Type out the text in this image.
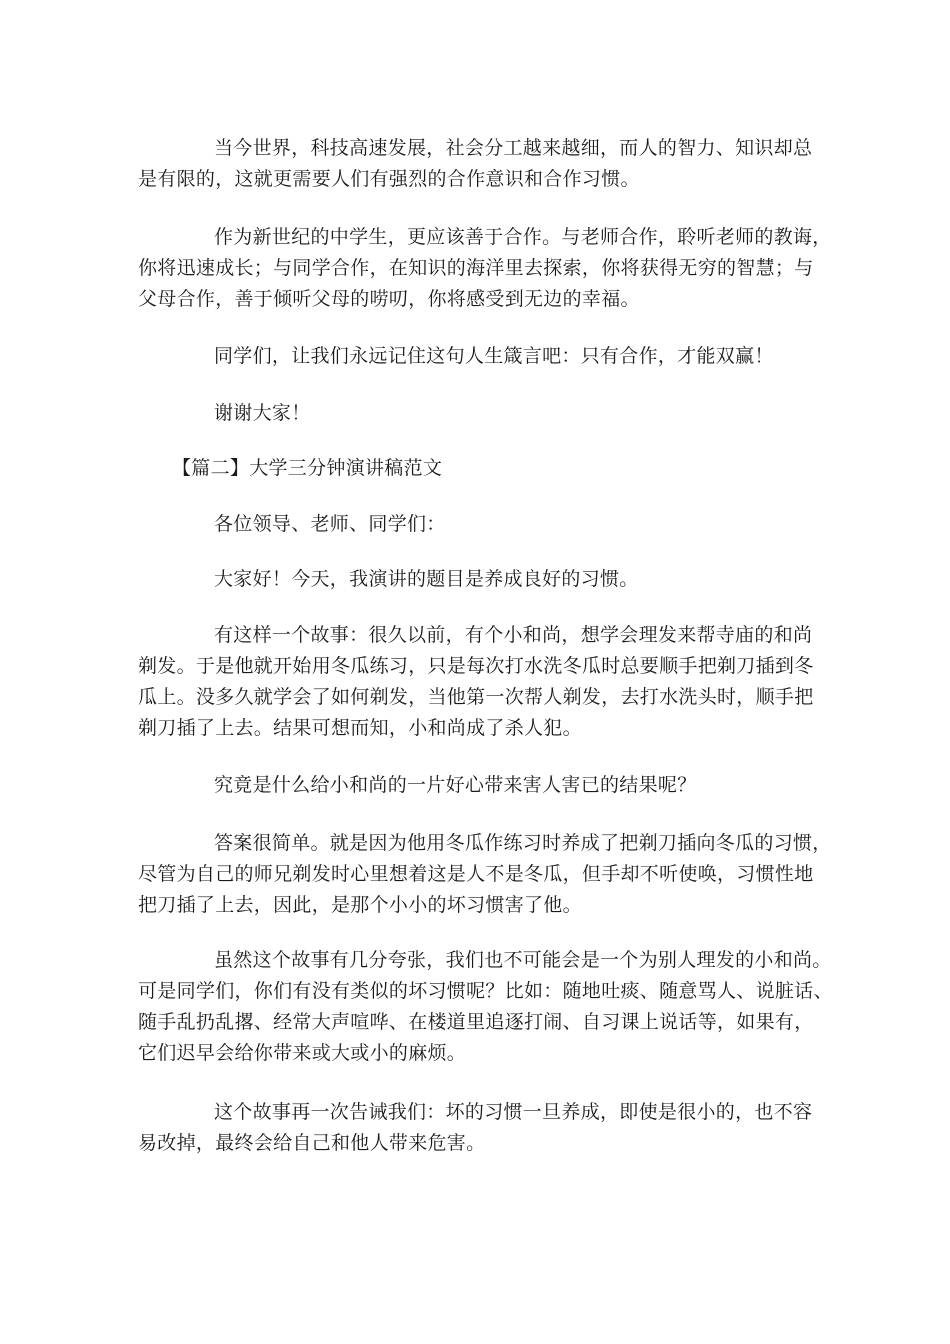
当今世界，科技高速发展，社会分工越来越细，而人的智力、知识却总
是有限的，这就更需要人们有强烈的合作意识和合作习惯。
作为新世纪的中学生，更应该善于合作。与老师合作，聆听老师的教诲，
你将迅速成长；与同学合作，在知识的海洋里去探索，你将获得无穷的智慧；与
父母合作，善于倾听父母的唠叨，你将感受到无边的幸福。
同学们，让我们永远记住这句人生箴言吧：只有合作，才能双赢！
谢谢大家！
【篇二】大学三分钟演讲稿范文
各位领导、老师、同学们：
大家好！今天，我演讲的题目是养成良好的习惯。
有这样一个故事：很久以前，有个小和尚，想学会理发来帮寺庙的和尚
剃发。于是他就开始用冬瓜练习，只是每次打水洗冬瓜时总要顺手把剃刀插到冬
瓜上。没多久就学会了如何剃发，当他第一次帮人剃发，去打水洗头时，顺手把
剃刀插了上去。结果可想而知，小和尚成了杀人犯。
究竟是什么给小和尚的一片好心带来害人害已的结果呢？
答案很简单。就是因为他用冬瓜作练习时养成了把剃刀插向冬瓜的习惯，
尽管为自己的师兄剃发时心里想着这是人不是冬瓜，但手却不听使唤，习惯性地
把刀插了上去，因此，是那个小小的坏习惯害了他。
虽然这个故事有几分夸张，我们也不可能会是一个为别人理发的小和尚。
可是同学们，你们有没有类似的坏习惯呢？比如：随地吐痰、随意骂人、说脏话、
随手乱扔乱撂、经常大声喧哗、在楼道里追逐打闹、自习课上说话等，如果有，
它们迟早会给你带来或大或小的麻烦。
这个故事再一次告诫我们：坏的习惯一旦养成，即使是很小的，也不容
易改掉，最终会给自己和他人带来危害。
